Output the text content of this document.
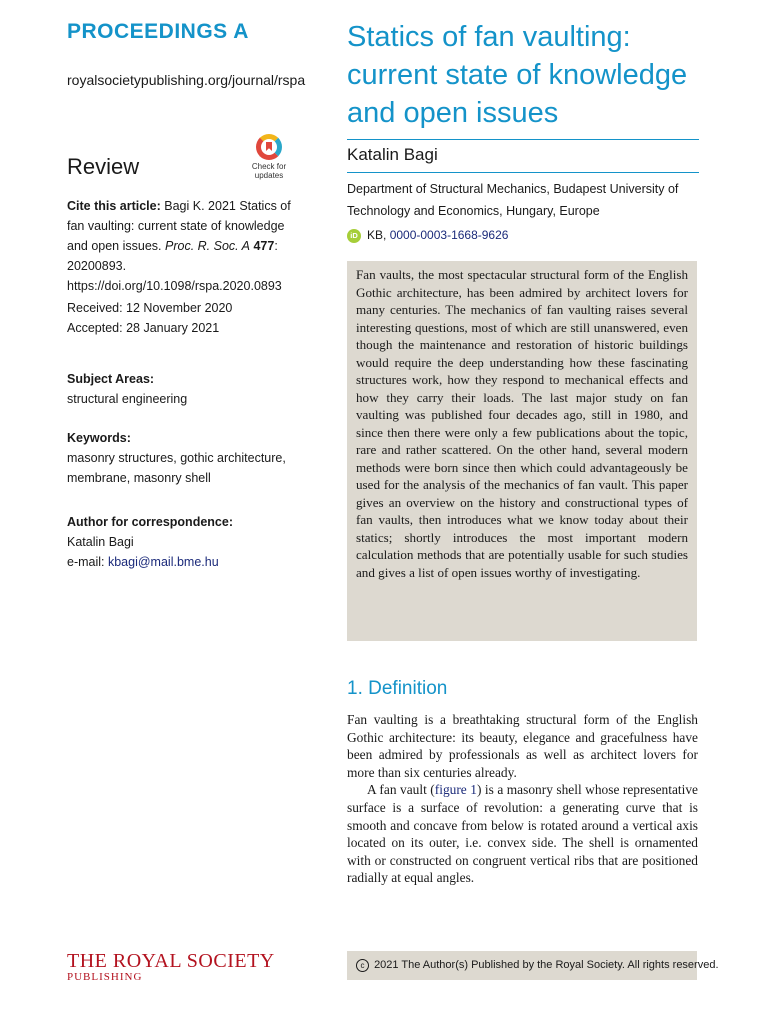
PROCEEDINGS A
royalsocietypublishing.org/journal/rspa
Review	Check for
updates
Cite this article: Bagi K. 2021 Statics of fan vaulting: current state of knowledge and open issues. Proc. R. Soc. A 477: 20200893.
https://doi.org/10.1098/rspa.2020.0893
Received: 12 November 2020
Accepted: 28 January 2021
Subject Areas:
structural engineering
Keywords:
masonry structures, gothic architecture, membrane, masonry shell
Author for correspondence:
Katalin Bagi
e-mail: kbagi@mail.bme.hu
THE ROYAL SOCIETY
PUBLISHING
Statics of fan vaulting: current state of knowledge and open issues
Katalin Bagi
Department of Structural Mechanics, Budapest University of Technology and Economics, Hungary, Europe
iD KB, 0000-0003-1668-9626
Fan vaults, the most spectacular structural form of the English Gothic architecture, has been admired by architect lovers for many centuries. The mechanics of fan vaulting raises several interesting questions, most of which are still unanswered, even though the maintenance and restoration of historic buildings would require the deep understanding how these fascinating structures work, how they respond to mechanical effects and how they carry their loads. The last major study on fan vaulting was published four decades ago, still in 1980, and since then there were only a few publications about the topic, rare and rather scattered. On the other hand, several modern methods were born since then which could advantageously be used for the analysis of the mechanics of fan vault. This paper gives an overview on the history and constructional types of fan vaults, then introduces what we know today about their statics; shortly introduces the most important modern calculation methods that are potentially usable for such studies and gives a list of open issues worthy of investigating.
1. Definition

Fan vaulting is a breathtaking structural form of the English Gothic architecture: its beauty, elegance and gracefulness have been admired by professionals as well as architect lovers for more than six centuries already.

A fan vault (figure 1) is a masonry shell whose representative surface is a surface of revolution: a generating curve that is smooth and concave from below is rotated around a vertical axis located on its outer, i.e. convex side. The shell is ornamented with or constructed on congruent vertical ribs that are positioned radially at equal angles.

c 2021 The Author(s) Published by the Royal Society. All rights reserved.
